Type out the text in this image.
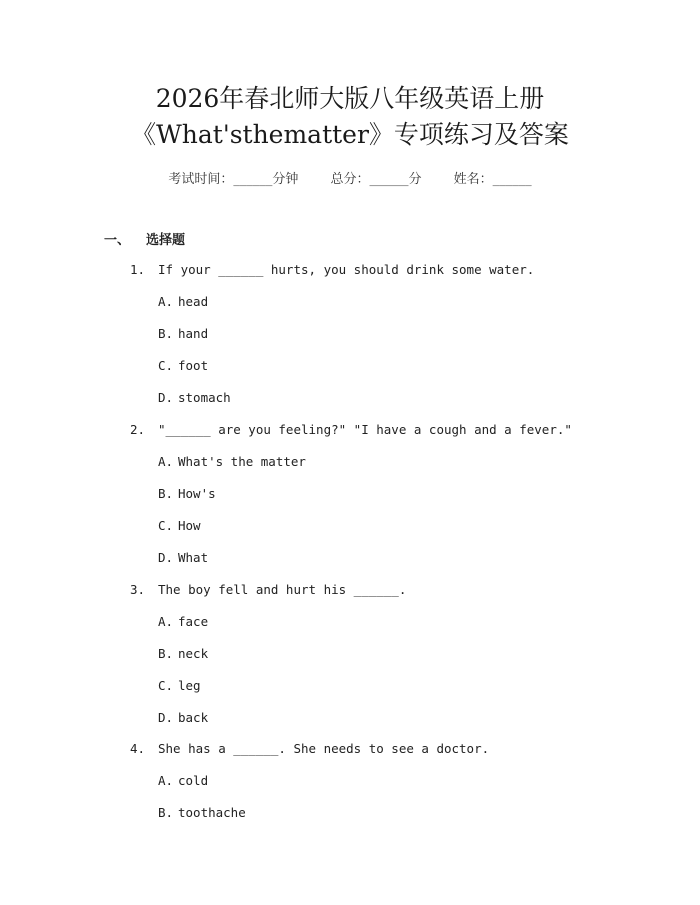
2026年春北师大版八年级英语上册
《What'sthematter》专项练习及答案
考试时间：______分钟 总分：______分 姓名：______
一、 选择题
1. If your ______ hurts, you should drink some water.
A. head
B. hand
C. foot
D. stomach
2. "______ are you feeling?" "I have a cough and a fever."
A. What's the matter
B. How's
C. How
D. What
3. The boy fell and hurt his ______.
A. face
B. neck
C. leg
D. back
4. She has a ______. She needs to see a doctor.
A. cold
B. toothache
